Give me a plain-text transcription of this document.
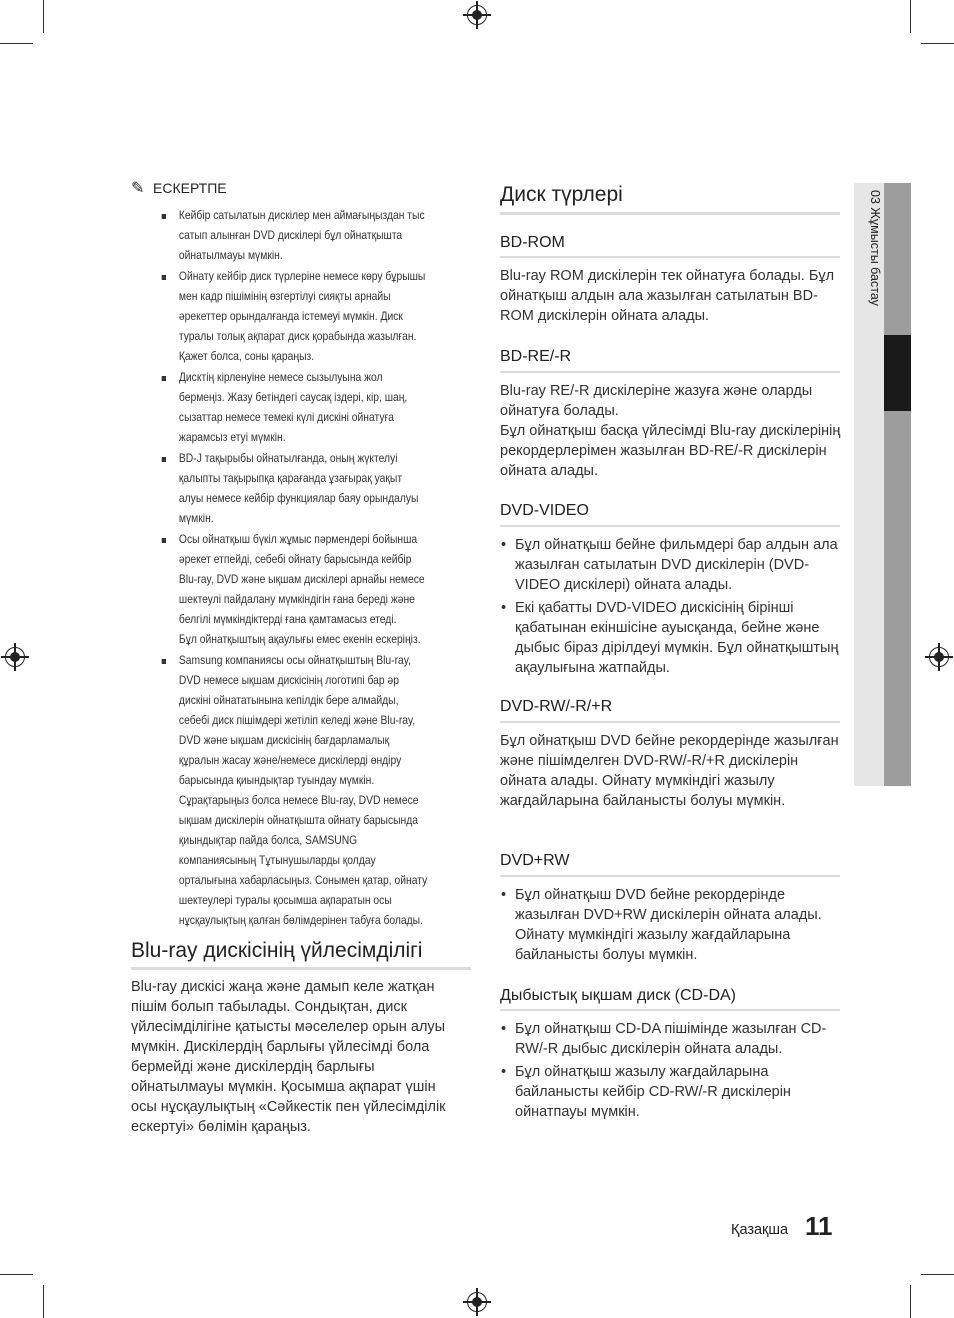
✎ ЕСКЕРТПЕ

Кейбір сатылатын дискілер мен аймағыңыздан тыс сатып алынған DVD дискілері бұл ойнатқышта ойнатылмауы мүмкін.

Ойнату кейбір диск түрлеріне немесе көру бұрышы мен кадр пішімінің өзгертілуі сияқты арнайы әрекеттер орындалғанда істемеуі мүмкін. Диск туралы толық ақпарат диск қорабында жазылған. Қажет болса, соны қараңыз.

Дисктің кірленуіне немесе сызылуына жол бермеңіз. Жазу бетіндегі саусақ іздері, кір, шаң, сызаттар немесе темекі күлі дискіні ойнатуға жарамсыз етуі мүмкін.

BD-J тақырыбы ойнатылғанда, оның жүктелуі қалыпты тақырыпқа қарағанда ұзағырақ уақыт алуы немесе кейбір функциялар баяу орындалуы мүмкін.

Осы ойнатқыш бүкіл жұмыс пәрмендері бойынша әрекет етпейді, себебі ойнату барысында кейбір Blu-ray, DVD және ықшам дискілері арнайы немесе шектеулі пайдалану мүмкіндігін ғана береді және белгілі мүмкіндіктерді ғана қамтамасыз етеді.

Бұл ойнатқыштың ақаулығы емес екенін ескеріңіз.

Samsung компаниясы осы ойнатқыштың Blu-ray, DVD немесе ықшам дискісінің логотипі бар әр дискіні ойнататынына кепілдік бере алмайды, себебі диск пішімдері жетіліп келеді және Blu-ray, DVD және ықшам дискісінің бағдарламалық құралын жасау және/немесе дискілерді өндіру барысында қиындықтар туындау мүмкін.

Сұрақтарыңыз болса немесе Blu-ray, DVD немесе ықшам дискілерін ойнатқышта ойнату барысында қиындықтар пайда болса, SAMSUNG компаниясының Тұтынушыларды қолдау орталығына хабарласыңыз. Сонымен қатар, ойнату шектеулері туралы қосымша ақпаратын осы нұсқаулықтың қалған бөлімдерінен табуға болады.

Blu-ray дискісінің үйлесімділігі

Blu-ray дискісі жаңа және дамып келе жатқан пішім болып табылады. Сондықтан, диск үйлесімділігіне қатысты мәселелер орын алуы мүмкін. Дискілердің барлығы үйлесімді бола бермейді және дискілердің барлығы ойнатылмауы мүмкін. Қосымша ақпарат үшін осы нұсқаулықтың «Сәйкестік пен үйлесімділік ескертуі» бөлімін қараңыз.

Диск түрлері
BD-ROM

Blu-ray ROM дискілерін тек ойнатуға болады. Бұл ойнатқыш алдын ала жазылған сатылатын BD-ROM дискілерін ойната алады.

BD-RE/-R

Blu-ray RE/-R дискілеріне жазуға және оларды ойнатуға болады.

Бұл ойнатқыш басқа үйлесімді Blu-ray дискілерінің рекордерлерімен жазылған BD-RE/-R дискілерін ойната алады.

DVD-VIDEO
• Бұл ойнатқыш бейне фильмдері бар алдын ала жазылған сатылатын DVD дискілерін (DVD-VIDEO дискілері) ойната алады.
• Екі қабатты DVD-VIDEO дискісінің бірінші қабатынан екіншісіне ауысқанда, бейне және дыбыс біраз дірілдеуі мүмкін. Бұл ойнатқыштың ақаулығына жатпайды.
DVD-RW/-R/+R

Бұл ойнатқыш DVD бейне рекордерінде жазылған және пішімделген DVD-RW/-R/+R дискілерін ойната алады. Ойнату мүмкіндігі жазылу жағдайларына байланысты болуы мүмкін.

DVD+RW
• Бұл ойнатқыш DVD бейне рекордерінде жазылған DVD+RW дискілерін ойната алады. Ойнату мүмкіндігі жазылу жағдайларына байланысты болуы мүмкін.
Дыбыстық ықшам диск (CD-DA)
• Бұл ойнатқыш CD-DA пішімінде жазылған CD-RW/-R дыбыс дискілерін ойната алады.
• Бұл ойнатқыш жазылу жағдайларына байланысты кейбір CD-RW/-R дискілерін ойнатпауы мүмкін.
03 Жұмысты бастау
Қазақша 11
